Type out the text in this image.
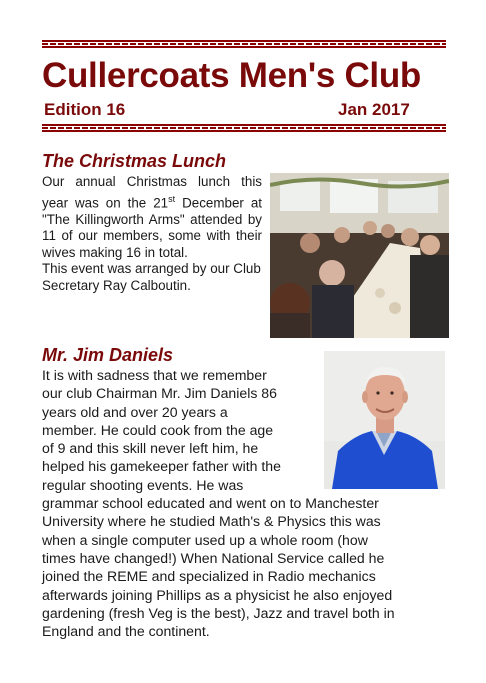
Cullercoats Men's Club
Edition 16	Jan 2017
The Christmas Lunch

Our annual Christmas lunch this year was on the 21st December at "The Killingworth Arms" attended by 11 of our members, some with their wives making 16 in total.

This event was arranged by our Club Secretary Ray Calboutin.

Mr. Jim Daniels
It is with sadness that we remember
our club Chairman Mr. Jim Daniels 86
years old and over 20 years a
member. He could cook from the age
of 9 and this skill never left him, he
helped his gamekeeper father with the
regular shooting events. He was
grammar school educated and went on to Manchester
University where he studied Math's & Physics this was
when a single computer used up a whole room (how
times have changed!) When National Service called he
joined the REME and specialized in Radio mechanics
afterwards joining Phillips as a physicist he also enjoyed
gardening (fresh Veg is the best), Jazz and travel both in
England and the continent.
